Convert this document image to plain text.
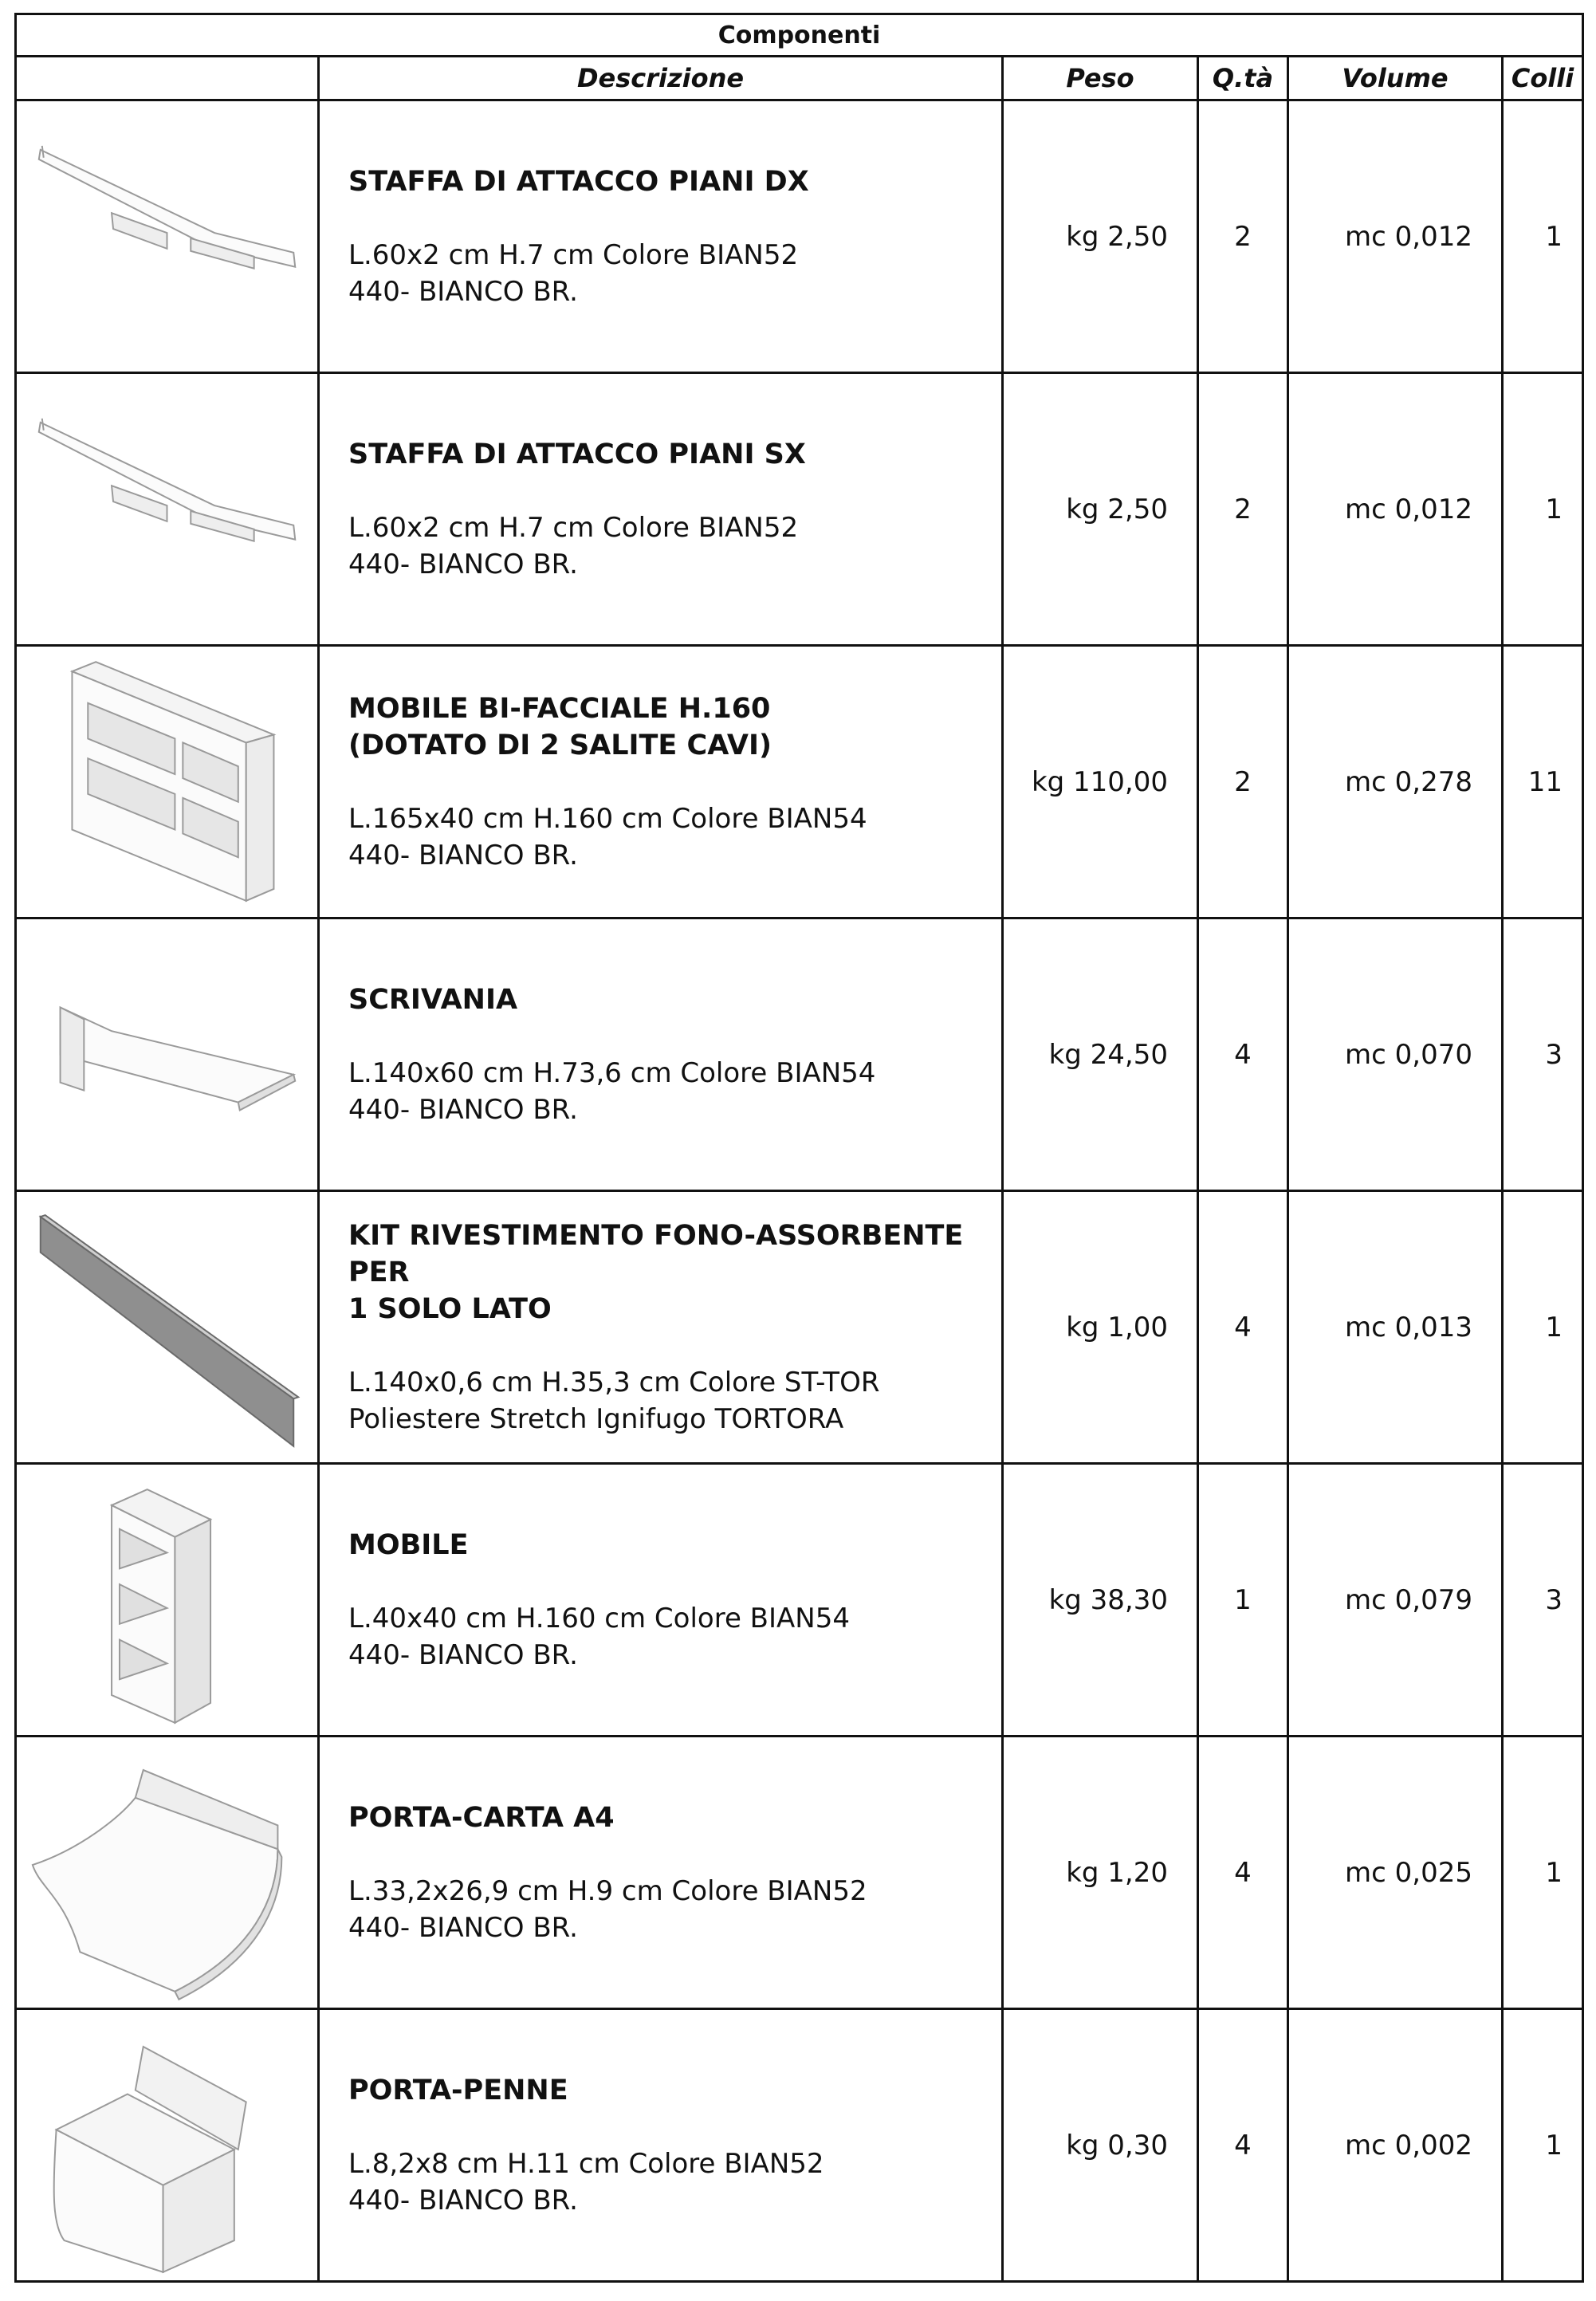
Componenti					
	Descrizione	Peso	Q.tà	Volume	Colli

STAFFA DI ATTACCO PIANI DX
L.60x2 cm H.7 cm Colore BIAN52
440- BIANCO BR.	kg 2,50	2	mc 0,012	1

STAFFA DI ATTACCO PIANI SX
L.60x2 cm H.7 cm Colore BIAN52
440- BIANCO BR.	kg 2,50	2	mc 0,012	1

MOBILE BI-FACCIALE H.160
(DOTATO DI 2 SALITE CAVI)
L.165x40 cm H.160 cm Colore BIAN54
440- BIANCO BR.	kg 110,00	2	mc 0,278	11

SCRIVANIA
L.140x60 cm H.73,6 cm Colore BIAN54
440- BIANCO BR.	kg 24,50	4	mc 0,070	3

KIT RIVESTIMENTO FONO-ASSORBENTE PER
1 SOLO LATO
L.140x0,6 cm H.35,3 cm Colore ST-TOR
Poliestere Stretch Ignifugo TORTORA	kg 1,00	4	mc 0,013	1

MOBILE
L.40x40 cm H.160 cm Colore BIAN54
440- BIANCO BR.	kg 38,30	1	mc 0,079	3

PORTA-CARTA A4
L.33,2x26,9 cm H.9 cm Colore BIAN52
440- BIANCO BR.	kg 1,20	4	mc 0,025	1

PORTA-PENNE
L.8,2x8 cm H.11 cm Colore BIAN52
440- BIANCO BR.	kg 0,30	4	mc 0,002	1
